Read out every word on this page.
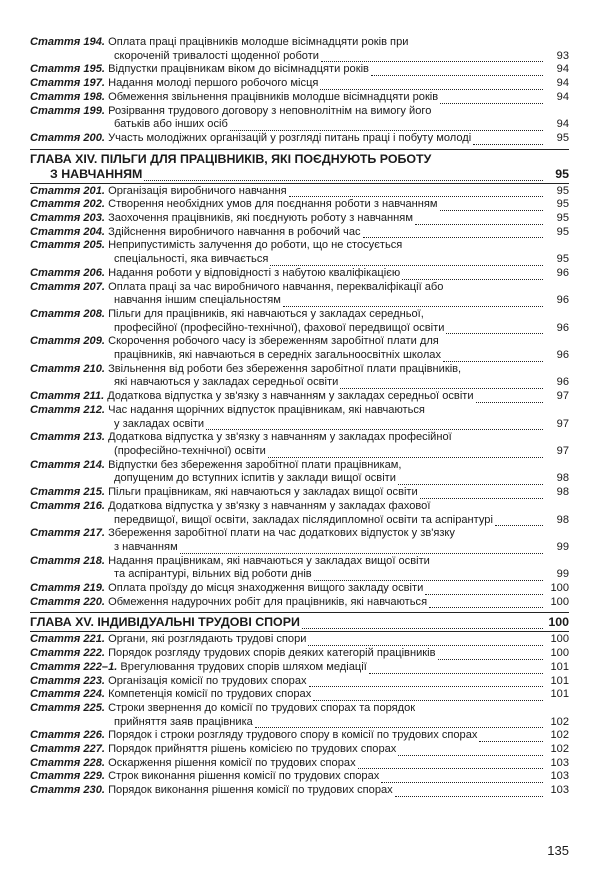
Стаття 194. Оплата праці працівників молодше вісімнадцяти років при
скороченій тривалості щоденної роботи	93
Стаття 195. Відпустки працівникам віком до вісімнадцяти років	94
Стаття 197. Надання молоді першого робочого місця	94
Стаття 198. Обмеження звільнення працівників молодше вісімнадцяти років	94
Стаття 199. Розірвання трудового договору з неповнолітнім на вимогу його
батьків або інших осіб	94
Стаття 200. Участь молодіжних організацій у розгляді питань праці і побуту молоді	95
ГЛАВА XIV. ПІЛЬГИ ДЛЯ ПРАЦІВНИКІВ, ЯКІ ПОЄДНУЮТЬ РОБОТУ
З НАВЧАННЯМ	95
Стаття 201. Організація виробничого навчання	95
Стаття 202. Створення необхідних умов для поєднання роботи з навчанням	95
Стаття 203. Заохочення працівників, які поєднують роботу з навчанням	95
Стаття 204. Здійснення виробничого навчання в робочий час	95
Стаття 205. Неприпустимість залучення до роботи, що не стосується
спеціальності, яка вивчається	95
Стаття 206. Надання роботи у відповідності з набутою кваліфікацією	96
Стаття 207. Оплата праці за час виробничого навчання, перекваліфікації або
навчання іншим спеціальностям	96
Стаття 208. Пільги для працівників, які навчаються у закладах середньої,
професійної (професійно-технічної), фахової передвищої освіти	96
Стаття 209. Скорочення робочого часу із збереженням заробітної плати для
працівників, які навчаються в середніх загальноосвітніх школах	96
Стаття 210. Звільнення від роботи без збереження заробітної плати працівників,
які навчаються у закладах середньої освіти	96
Стаття 211. Додаткова відпустка у зв'язку з навчанням у закладах середньої освіти	97
Стаття 212. Час надання щорічних відпусток працівникам, які навчаються
у закладах освіти	97
Стаття 213. Додаткова відпустка у зв'язку з навчанням у закладах професійної
(професійно-технічної) освіти	97
Стаття 214. Відпустки без збереження заробітної плати працівникам,
допущеним до вступних іспитів у заклади вищої освіти	98
Стаття 215. Пільги працівникам, які навчаються у закладах вищої освіти	98
Стаття 216. Додаткова відпустка у зв'язку з навчанням у закладах фахової
передвищої, вищої освіти, закладах післядипломної освіти та аспірантурі	98
Стаття 217. Збереження заробітної плати на час додаткових відпусток у зв'язку
з навчанням	99
Стаття 218. Надання працівникам, які навчаються у закладах вищої освіти
та аспірантурі, вільних від роботи днів	99
Стаття 219. Оплата проїзду до місця знаходження вищого закладу освіти	100
Стаття 220. Обмеження надурочних робіт для працівників, які навчаються	100
ГЛАВА XV. ІНДИВІДУАЛЬНІ ТРУДОВІ СПОРИ	100
Стаття 221. Органи, які розглядають трудові спори	100
Стаття 222. Порядок розгляду трудових спорів деяких категорій працівників	100
Стаття 222–1. Врегулювання трудових спорів шляхом медіації	101
Стаття 223. Організація комісії по трудових спорах	101
Стаття 224. Компетенція комісії по трудових спорах	101
Стаття 225. Строки звернення до комісії по трудових спорах та порядок
прийняття заяв працівника	102
Стаття 226. Порядок і строки розгляду трудового спору в комісії по трудових спорах	102
Стаття 227. Порядок прийняття рішень комісією по трудових спорах	102
Стаття 228. Оскарження рішення комісії по трудових спорах	103
Стаття 229. Строк виконання рішення комісії по трудових спорах	103
Стаття 230. Порядок виконання рішення комісії по трудових спорах	103
135
